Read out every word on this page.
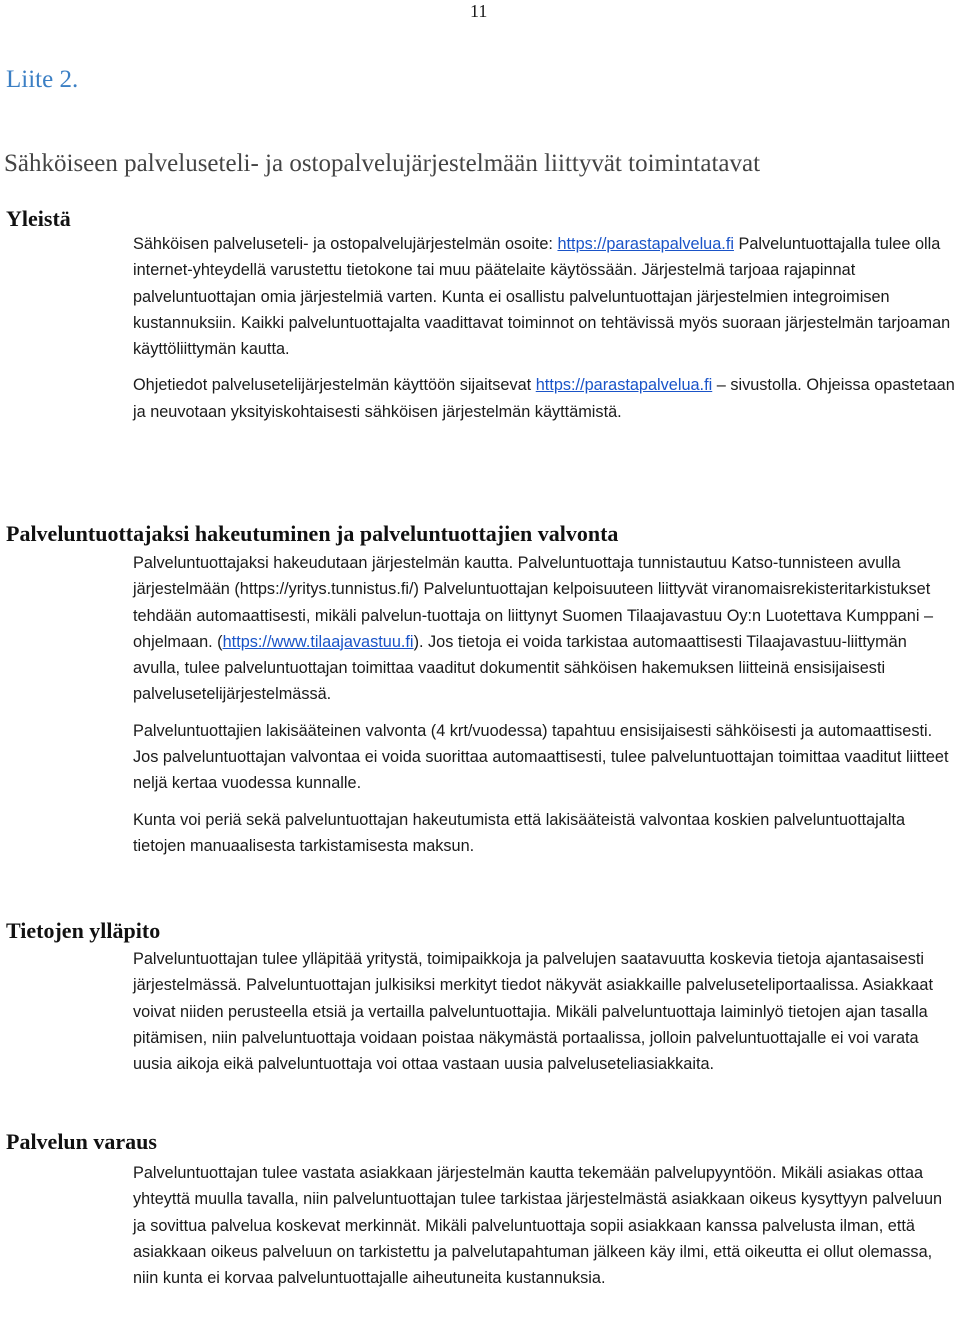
11
Liite 2.
Sähköiseen palveluseteli- ja ostopalvelujärjestelmään liittyvät toimintatavat
Yleistä

Sähköisen palveluseteli- ja ostopalvelujärjestelmän osoite: https://parastapalvelua.fi Palveluntuottajalla tulee olla internet-yhteydellä varustettu tietokone tai muu päätelaite käytössään. Järjestelmä tarjoaa rajapinnat palveluntuottajan omia järjestelmiä varten. Kunta ei osallistu palveluntuottajan järjestelmien integroimisen kustannuksiin. Kaikki palveluntuottajalta vaadittavat toiminnot on tehtävissä myös suoraan järjestelmän tarjoaman käyttöliittymän kautta.

Ohjetiedot palvelusetelijärjestelmän käyttöön sijaitsevat https://parastapalvelua.fi – sivustolla. Ohjeissa opastetaan ja neuvotaan yksityiskohtaisesti sähköisen järjestelmän käyttämistä.

Palveluntuottajaksi hakeutuminen ja palveluntuottajien valvonta

Palveluntuottajaksi hakeudutaan järjestelmän kautta. Palveluntuottaja tunnistautuu Katso-tunnisteen avulla järjestelmään (https://yritys.tunnistus.fi/) Palveluntuottajan kelpoisuuteen liittyvät viranomaisrekisteritarkistukset tehdään automaattisesti, mikäli palvelun-tuottaja on liittynyt Suomen Tilaajavastuu Oy:n Luotettava Kumppani –ohjelmaan. (https://www.tilaajavastuu.fi). Jos tietoja ei voida tarkistaa automaattisesti Tilaajavastuu-liittymän avulla, tulee palveluntuottajan toimittaa vaaditut dokumentit sähköisen hakemuksen liitteinä ensisijaisesti palvelusetelijärjestelmässä.

Palveluntuottajien lakisääteinen valvonta (4 krt/vuodessa) tapahtuu ensisijaisesti sähköisesti ja automaattisesti. Jos palveluntuottajan valvontaa ei voida suorittaa automaattisesti, tulee palveluntuottajan toimittaa vaaditut liitteet neljä kertaa vuodessa kunnalle.

Kunta voi periä sekä palveluntuottajan hakeutumista että lakisääteistä valvontaa koskien palveluntuottajalta tietojen manuaalisesta tarkistamisesta maksun.

Tietojen ylläpito

Palveluntuottajan tulee ylläpitää yritystä, toimipaikkoja ja palvelujen saatavuutta koskevia tietoja ajantasaisesti järjestelmässä. Palveluntuottajan julkisiksi merkityt tiedot näkyvät asiakkaille palveluseteliportaalissa. Asiakkaat voivat niiden perusteella etsiä ja vertailla palveluntuottajia. Mikäli palveluntuottaja laiminlyö tietojen ajan tasalla pitämisen, niin palveluntuottaja voidaan poistaa näkymästä portaalissa, jolloin palveluntuottajalle ei voi varata uusia aikoja eikä palveluntuottaja voi ottaa vastaan uusia palveluseteliasiakkaita.

Palvelun varaus

Palveluntuottajan tulee vastata asiakkaan järjestelmän kautta tekemään palvelupyyntöön. Mikäli asiakas ottaa yhteyttä muulla tavalla, niin palveluntuottajan tulee tarkistaa järjestelmästä asiakkaan oikeus kysyttyyn palveluun ja sovittua palvelua koskevat merkinnät. Mikäli palveluntuottaja sopii asiakkaan kanssa palvelusta ilman, että asiakkaan oikeus palveluun on tarkistettu ja palvelutapahtuman jälkeen käy ilmi, että oikeutta ei ollut olemassa, niin kunta ei korvaa palveluntuottajalle aiheutuneita kustannuksia.
